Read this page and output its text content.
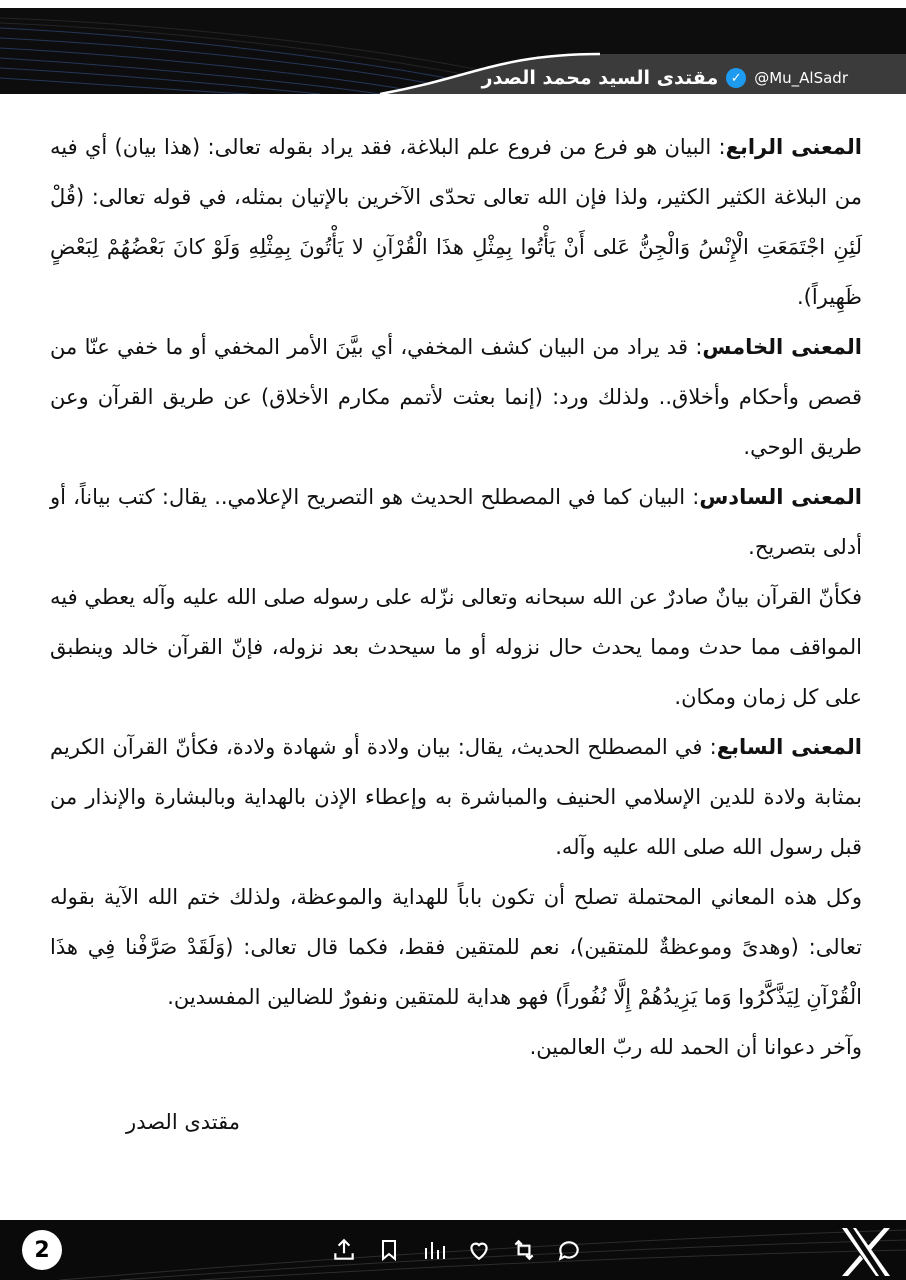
مقتدى السيد محمد الصدر ✓ @Mu_AlSadr

المعنى الرابع: البيان هو فرع من فروع علم البلاغة، فقد يراد بقوله تعالى: (هذا بيان) أي فيه من البلاغة الكثير الكثير، ولذا فإن الله تعالى تحدّى الآخرين بالإتيان بمثله، في قوله تعالى: (قُلْ لَئِنِ اجْتَمَعَتِ الْإِنْسُ وَالْجِنُّ عَلى أَنْ يَأْتُوا بِمِثْلِ هذَا الْقُرْآنِ لا يَأْتُونَ بِمِثْلِهِ وَلَوْ كانَ بَعْضُهُمْ لِبَعْضٍ ظَهِيراً).

المعنى الخامس: قد يراد من البيان كشف المخفي، أي بيَّنَ الأمر المخفي أو ما خفي عنّا من قصص وأحكام وأخلاق.. ولذلك ورد: (إنما بعثت لأتمم مكارم الأخلاق) عن طريق القرآن وعن طريق الوحي.

المعنى السادس: البيان كما في المصطلح الحديث هو التصريح الإعلامي.. يقال: كتب بياناً، أو أدلى بتصريح.

فكأنّ القرآن بيانٌ صادرٌ عن الله سبحانه وتعالى نزّله على رسوله صلى الله عليه وآله يعطي فيه المواقف مما حدث ومما يحدث حال نزوله أو ما سيحدث بعد نزوله، فإنّ القرآن خالد وينطبق على كل زمان ومكان.

المعنى السابع: في المصطلح الحديث، يقال: بيان ولادة أو شهادة ولادة، فكأنّ القرآن الكريم بمثابة ولادة للدين الإسلامي الحنيف والمباشرة به وإعطاء الإذن بالهداية وبالبشارة والإنذار من قبل رسول الله صلى الله عليه وآله.

وكل هذه المعاني المحتملة تصلح أن تكون باباً للهداية والموعظة، ولذلك ختم الله الآية بقوله تعالى: (وهدىً وموعظةٌ للمتقين)، نعم للمتقين فقط، فكما قال تعالى: (وَلَقَدْ صَرَّفْنا فِي هذَا الْقُرْآنِ لِيَذَّكَّرُوا وَما يَزِيدُهُمْ إِلَّا نُفُوراً) فهو هداية للمتقين ونفورٌ للضالين المفسدين.

وآخر دعوانا أن الحمد لله ربّ العالمين.

مقتدى الصدر
2
